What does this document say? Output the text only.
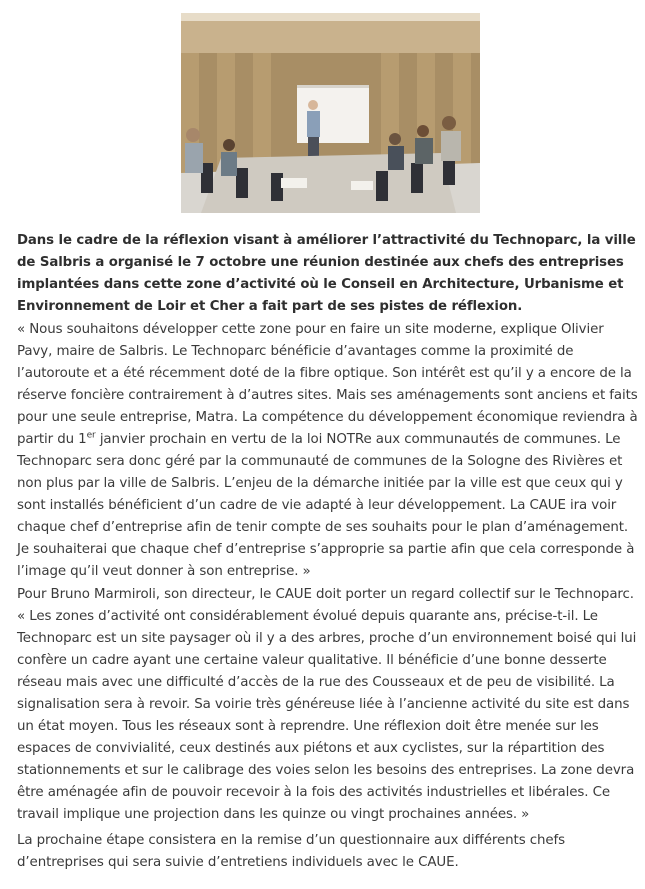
Dans le cadre de la réflexion visant à améliorer l’attractivité du Technoparc, la ville de Salbris a organisé le 7 octobre une réunion destinée aux chefs des entreprises implantées dans cette zone d’activité où le Conseil en Architecture, Urbanisme et Environnement de Loir et Cher a fait part de ses pistes de réflexion.

« Nous souhaitons développer cette zone pour en faire un site moderne, explique Olivier Pavy, maire de Salbris. Le Technoparc bénéficie d’avantages comme la proximité de l’autoroute et a été récemment doté de la fibre optique. Son intérêt est qu’il y a encore de la réserve foncière contrairement à d’autres sites. Mais ses aménagements sont anciens et faits pour une seule entreprise, Matra. La compétence du développement économique reviendra à partir du 1er janvier prochain en vertu de la loi NOTRe aux communautés de communes. Le Technoparc sera donc géré par la communauté de communes de la Sologne des Rivières et non plus par la ville de Salbris. L’enjeu de la démarche initiée par la ville est que ceux qui y sont installés bénéficient d’un cadre de vie adapté à leur développement. La CAUE ira voir chaque chef d’entreprise afin de tenir compte de ses souhaits pour le plan d’aménagement. Je souhaiterai que chaque chef d’entreprise s’approprie sa partie afin que cela corresponde à l’image qu’il veut donner à son entreprise. »

Pour Bruno Marmiroli, son directeur, le CAUE doit porter un regard collectif sur le Technoparc.

« Les zones d’activité ont considérablement évolué depuis quarante ans, précise-t-il. Le Technoparc est un site paysager où il y a des arbres, proche d’un environnement boisé qui lui confère un cadre ayant une certaine valeur qualitative. Il bénéficie d’une bonne desserte réseau mais avec une difficulté d’accès de la rue des Cousseaux et de peu de visibilité. La signalisation sera à revoir. Sa voirie très généreuse liée à l’ancienne activité du site est dans un état moyen. Tous les réseaux sont à reprendre. Une réflexion doit être menée sur les espaces de convivialité, ceux destinés aux piétons et aux cyclistes, sur la répartition des stationnements et sur le calibrage des voies selon les besoins des entreprises. La zone devra être aménagée afin de pouvoir recevoir à la fois des activités industrielles et libérales. Ce travail implique une projection dans les quinze ou vingt prochaines années. »

La prochaine étape consistera en la remise d’un questionnaire aux différents chefs d’entreprises qui sera suivie d’entretiens individuels avec le CAUE.
